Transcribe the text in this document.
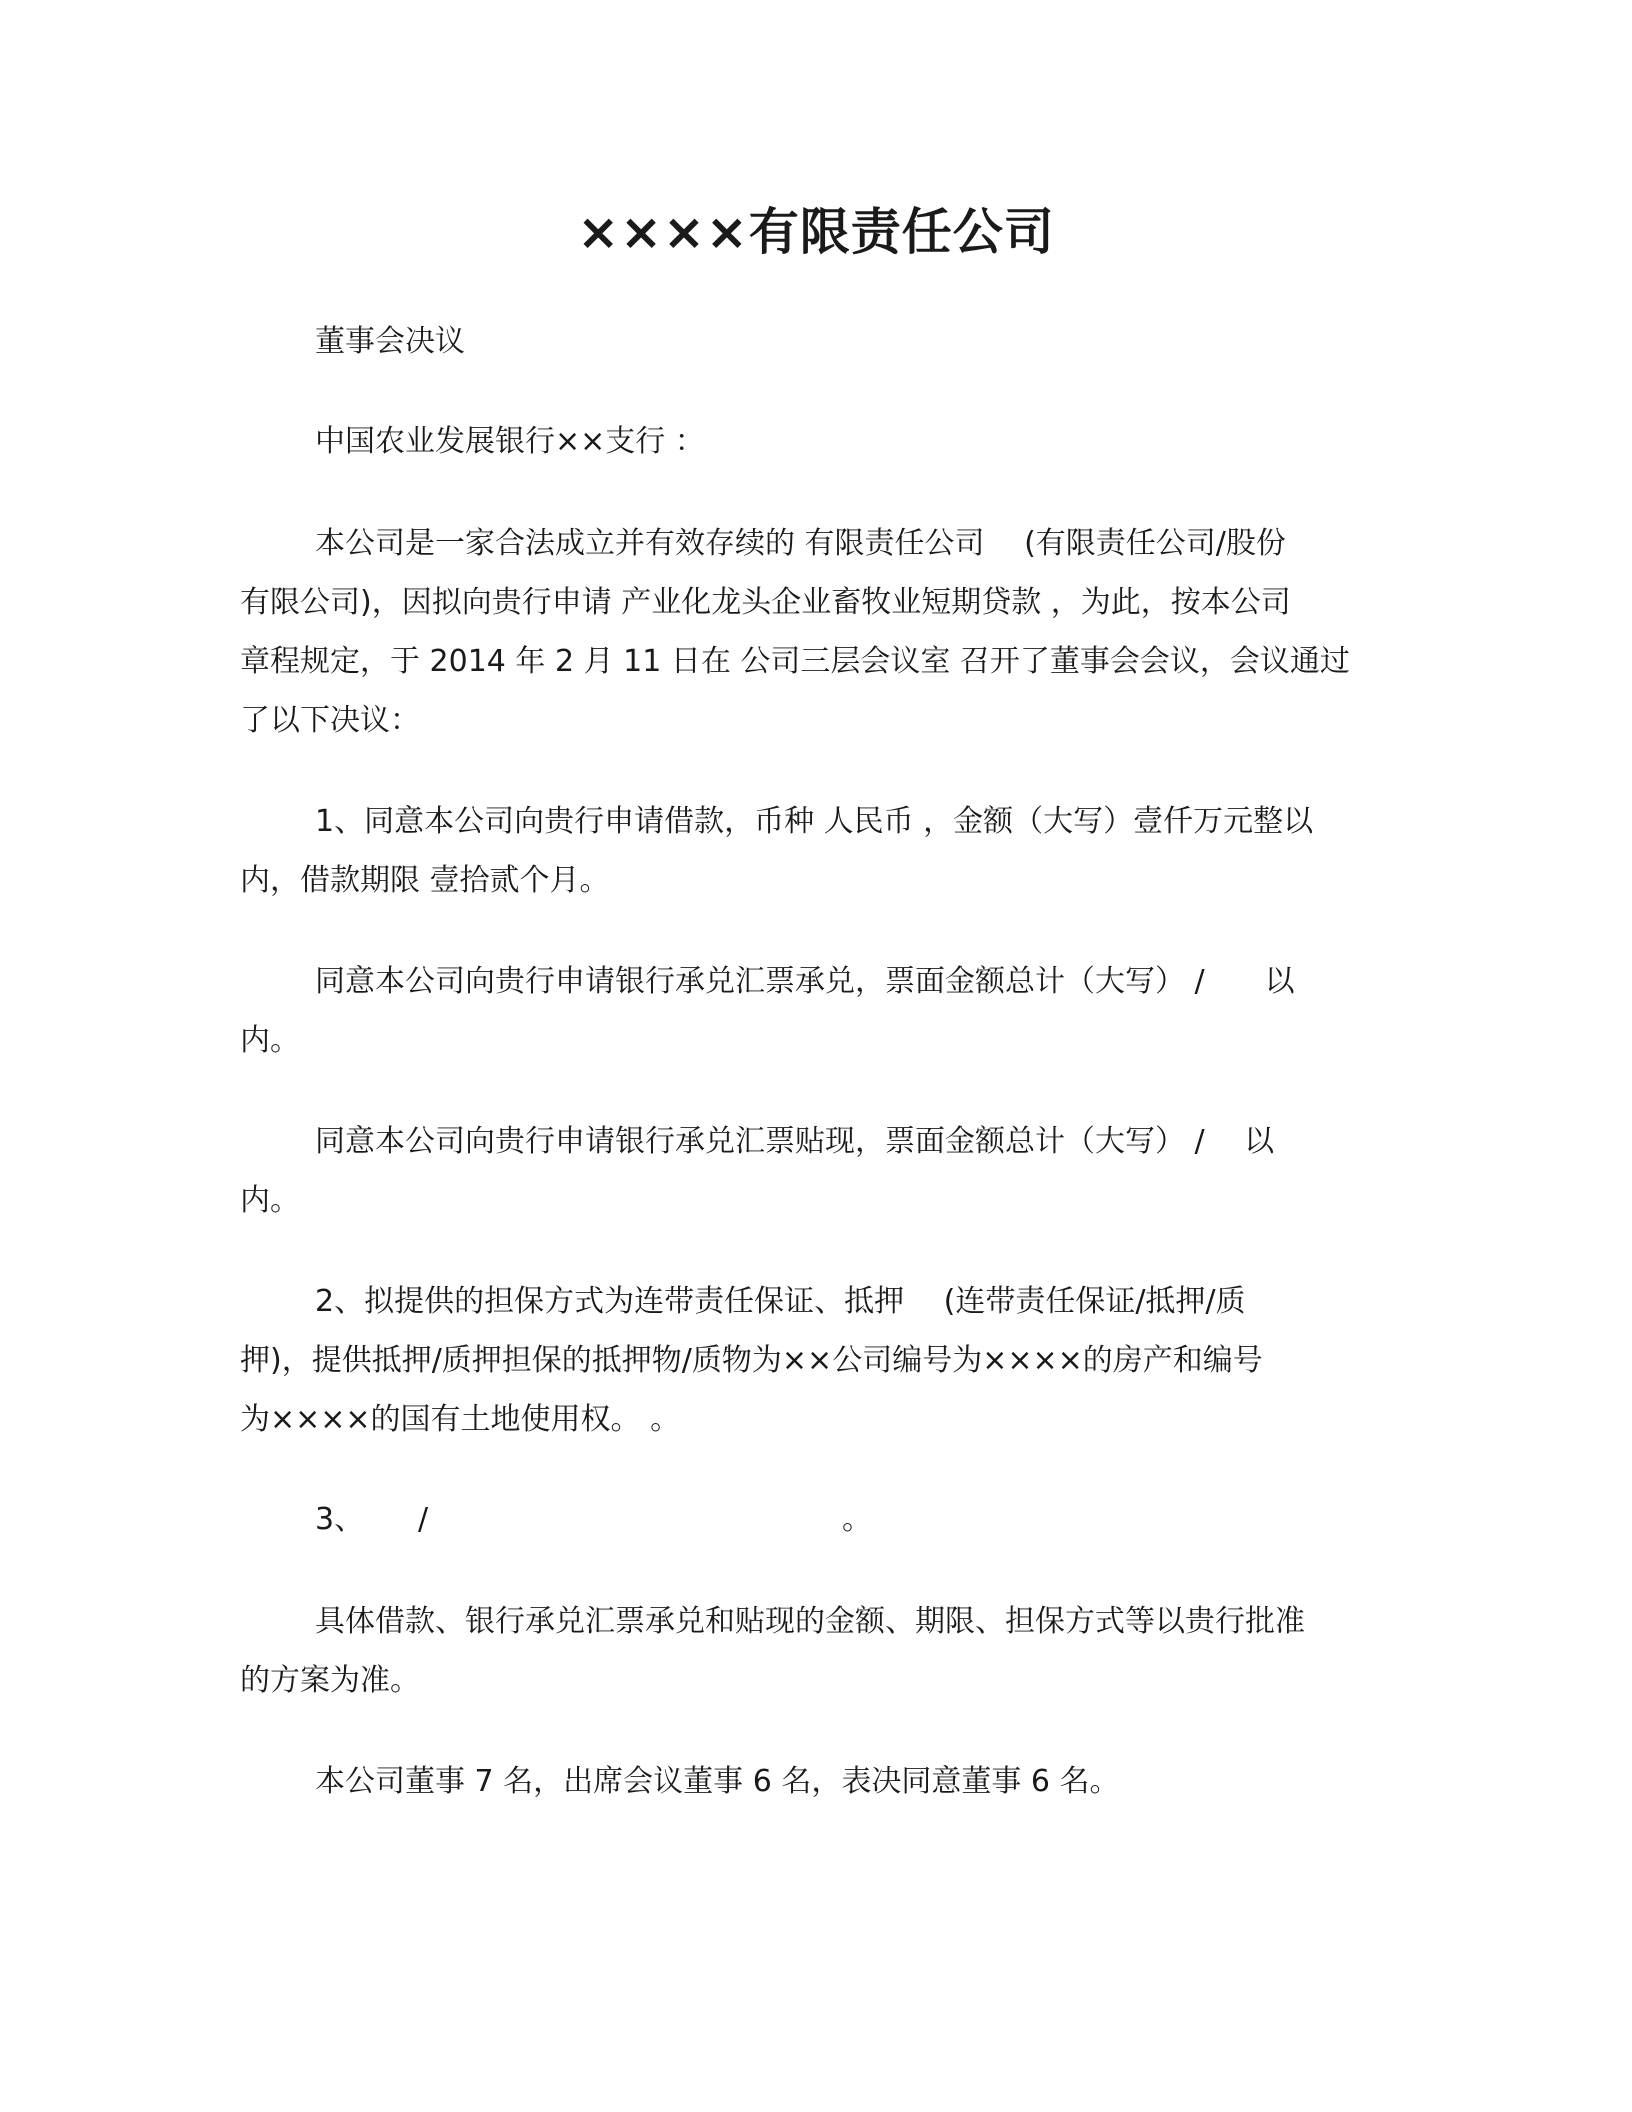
××××有限责任公司
董事会决议
中国农业发展银行××支行 ：
本公司是一家合法成立并有效存续的 有限责任公司 　(有限责任公司/股份
有限公司)，因拟向贵行申请 产业化龙头企业畜牧业短期贷款 ，为此，按本公司
章程规定，于 2014 年 2 月 11 日在 公司三层会议室 召开了董事会会议，会议通过
了以下决议：
1、同意本公司向贵行申请借款，币种 人民币 ，金额（大写）壹仟万元整以
内，借款期限 壹拾贰个月。
同意本公司向贵行申请银行承兑汇票承兑，票面金额总计（大写） /　　以
内。
同意本公司向贵行申请银行承兑汇票贴现，票面金额总计（大写） /　 以
内。
2、拟提供的担保方式为连带责任保证、抵押 　(连带责任保证/抵押/质
押)，提供抵押/质押担保的抵押物/质物为××公司编号为××××的房产和编号
为××××的国有土地使用权。 。
3、 /	。
具体借款、银行承兑汇票承兑和贴现的金额、期限、担保方式等以贵行批准
的方案为准。
本公司董事 7 名，出席会议董事 6 名，表决同意董事 6 名。
